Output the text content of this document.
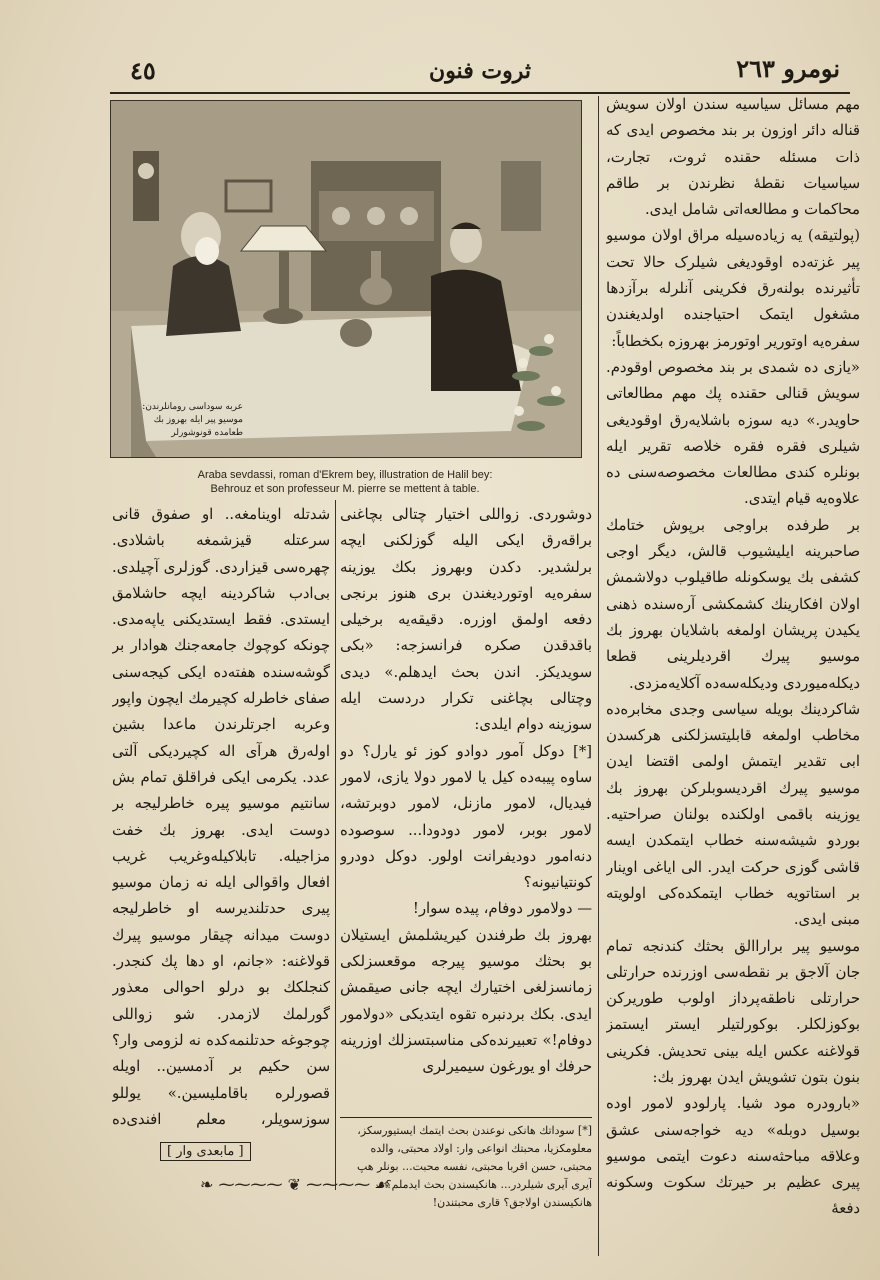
٤٥	ثروت فنون	نومرو ٢٦٣
عربه سوداسی رومانلرندن: موسیو پیر ایله بهروز بك طعامده قونوشورلر
Araba sevdassi, roman d'Ekrem bey, illustration de Halil bey:
Behrouz et son professeur M. pierre se mettent à table.

مهم مسائل سیاسیه سندن اولان سویش قناله دائر اوزون بر بند مخصوص ایدی که ذات مسئله حقنده ثروت، تجارت، سیاسیات نقطهٔ نظرندن بر طاقم محاکمات و مطالعه‌اتی شامل ایدی.

(پولتیقه) یه زیاده‌سیله مراق اولان موسیو پیر غزته‌ده اوقودیغی شیلرک حالا تحت تأثیرنده بولنه‌رق فکرینی آنلرله برآزدها مشغول ایتمک احتیاجنده اولدیغندن سفره‌یه اوتوریر اوتورمز بهروزه بکخطاباً:

«یازی ده شمدی بر بند مخصوص اوقودم. سویش قنالی حقنده پك مهم مطالعاتی حاویدر.» دیه سوزه باشلایه‌رق اوقودیغی شیلری فقره فقره خلاصه تقریر ایله بونلره کندی مطالعات مخصوصه‌سنی ده علاوه‌یه قیام ایتدی.

بر طرفده براوجی برپوش ختامك صاحبرینه ایلیشیوب قالش، دیگر اوجی کشفی بك یوسکونله طاقیلوب دولاشمش اولان افکارینك کشمکشی آره‌سنده ذهنی یکیدن پریشان اولمغه باشلایان بهروز بك موسیو پیرك اقردیلرینی قطعا دیکله‌میوردی ودیکله‌سه‌ده آکلایه‌مزدی.

شاکردینك بویله سیاسی وجدی مخابره‌ده مخاطب اولمغه قابلیتسزلکنی هرکسدن ابی تقدیر ایتمش اولمی اقتضا ایدن موسیو پیرك اقردیسوبلرکن بهروز بك یوزینه باقمی اولکنده بولنان صراحتیه. بوردو شیشه‌سنه خطاب ایتمکدن ایسه قاشی گوزی حرکت ایدر. الی ایاغی اوینار بر استاتویه خطاب ایتمکده‌کی اولویته مبنی ایدی.

موسیو پیر براراالق بحثك کندنجه تمام جان آلاجق بر نقطه‌سی اوزرنده حرارتلی حرارتلی ناطقه‌پرداز اولوب طوریرکن بوکوزلکلر. بوکورلتیلر ایستر ایستمز قولاغنه عکس ایله بینی تحدیش. فکرینی بنون بتون تشویش ایدن بهروز بك:

«بارودره مود شیا. پارلودو لامور اوده بوسیل دوبله» دیه خواجه‌سنی عشق وعلاقه مباحثه‌سنه دعوت ایتمی موسیو پیری عظیم بر حیرتك سکوت وسکونه دفعهٔ

دوشوردی. زواللی اختیار چتالی بچاغنی براقه‌رق ایکی الیله گوزلکنی ایچه برلشدیر. دکدن وبهروز بکك یوزینه سفره‌یه اوتوردیغندن بری هنوز برنجی دفعه اولمق اوزره. دقیقه‌یه برخیلی باقدقدن صکره فرانسزجه: «بکی سویدیکز. اندن بحث ایدهلم.» دیدی وچتالی بچاغنی تکرار دردست ایله سوزینه دوام ایلدی:

[*] دوکل آمور دوادو کوز ئو یارل؟ دو ساوه پیبه‌ده کیل یا لامور دولا یازی، لامور فیدیال، لامور مازنل، لامور دوبرتشه، لامور بوبر، لامور دودودا... سوصوده دنه‌امور دودیفرانت اولور. دوکل دودرو کونتیانیونه؟

— دولامور دوفام، پیده سوار!

بهروز بك طرفندن کیریشلمش ایستیلان بو بحثك موسیو پیرجه موقعسزلکی زمانسزلغی اختیارك ایچه جانی صیقمش ایدی. بکك بردنبره تقوه ایتدیکی «دولامور دوفام!» تعبیرنده‌کی مناسبتسزلك اوزرینه حرفك او یورغون سیمیرلری

[*] سوداتك هانکی نوعندن بحث ایتمك ایستیورسکز، معلومکزیا، محبتك انواعی وار: اولاد محبتی، والده محبتی، حسن اقربا محبتی، نفسه محبت... بونلر هپ آیری آیری شیلردر... هانکیسندن بحث ایدملم؟ ــ هانکیسندن اولاجق؟ قاری محبتندن!

شدتله اوینامغه.. او صفوق قانی سرعتله قیزشمغه باشلادی. چهره‌سی قیزاردی. گوزلری آچیلدی. بی‌ادب شاکردینه ایچه حاشلامق ایستدی. فقط ایستدیکنی یاپه‌مدی. چونکه کوچوك جامعه‌جنك هوادار بر گوشه‌سنده هفته‌ده ایکی کیجه‌سنی صفای خاطرله کچیرمك ایچون واپور وعربه اجرتلرندن ماعدا بشین اوله‌رق هرآی اله کچیردیکی آلتی عدد. یکرمی ایکی فراقلق تمام بش سانتیم موسیو پیره خاطرلیجه بر دوست ایدی. بهروز بك خفت مزاجیله. تابلاکیله‌وغریب غریب افعال واقوالی ایله نه زمان موسیو پیری حدتلندیرسه او خاطرلیجه دوست میدانه چیقار موسیو پیرك قولاغنه: «جانم، او دها پك کنجدر. کنجلکك بو درلو احوالی معذور گورلمك لازمدر. شو زواللی چوجوغه حدتلنمه‌کده نه لزومی وار؟ سن حکیم بر آدمسین.. اویله قصورلره باقاملیسین.» یوللو سوزسویلر، معلم افندی‌ده

[ مابعدی وار ]
❧ ⁓⁓⁓⁓ ❦ ⁓⁓⁓⁓ ☙
